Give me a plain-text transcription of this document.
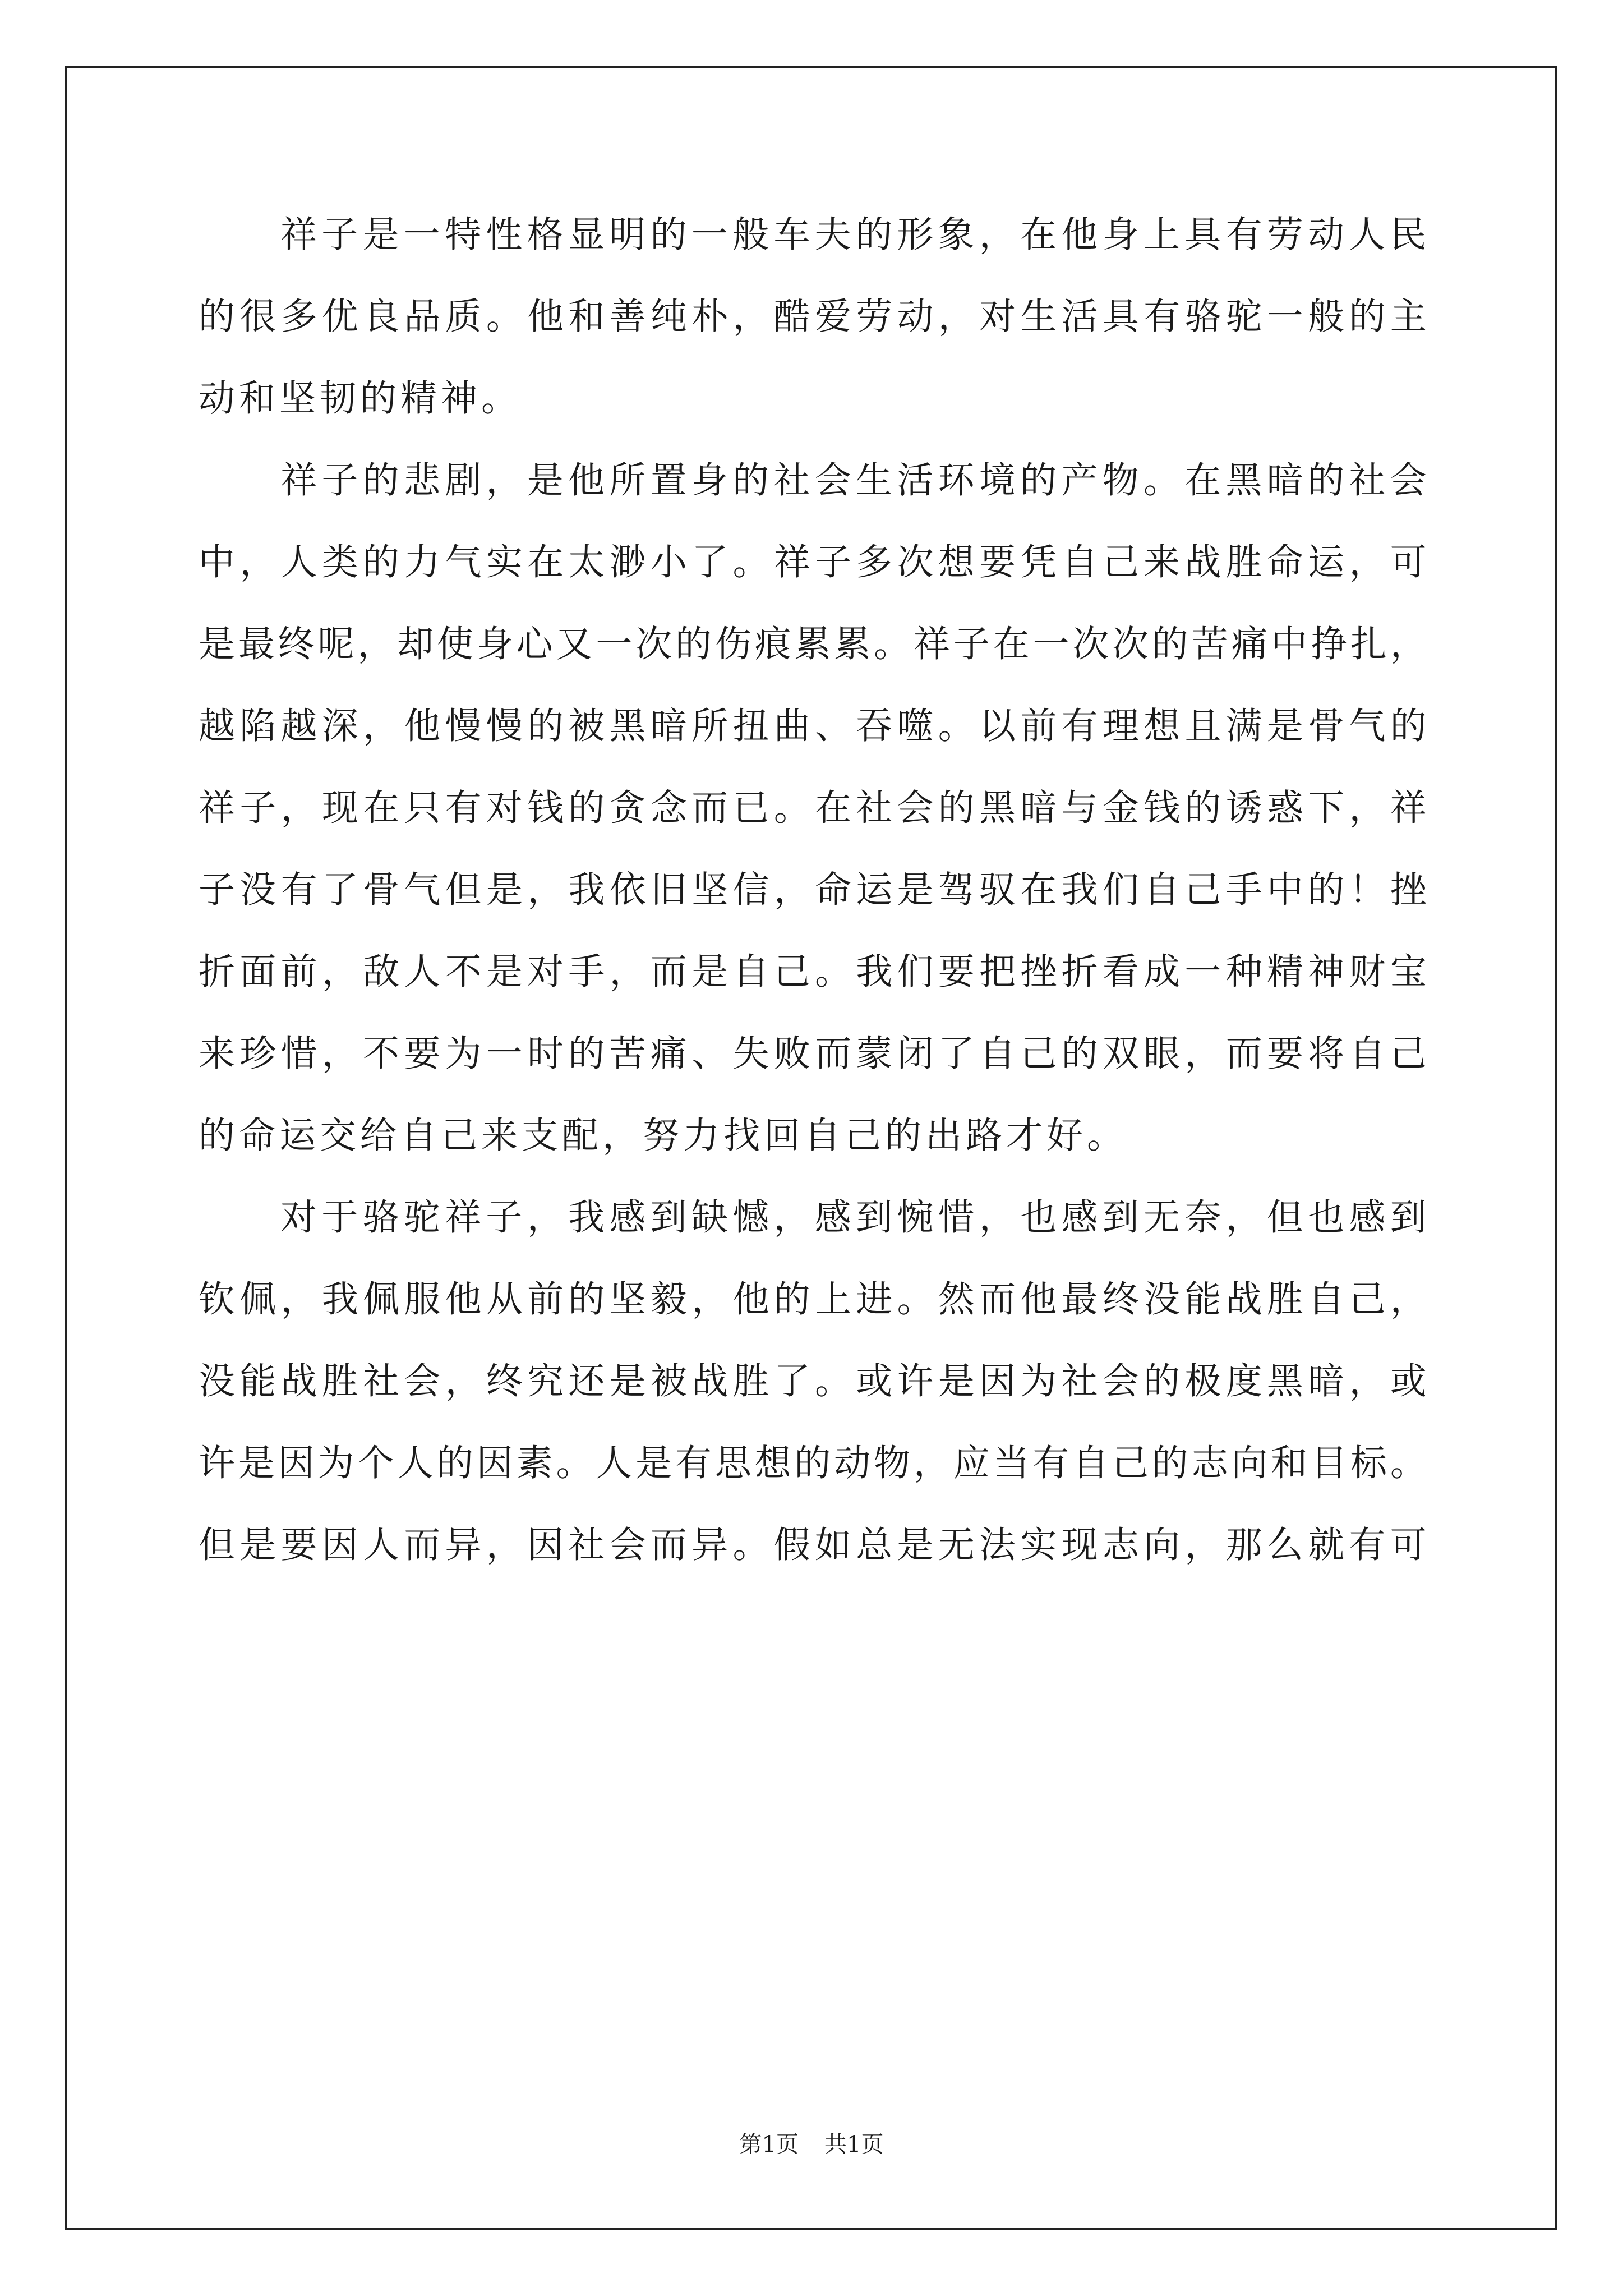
祥 子 是 一 特 性 格 显 明 的 一 般 车 夫 的 形 象 ， 在 他 身 上 具 有 劳 动 人 民
的 很 多 优 良 品 质 。 他 和 善 纯 朴 ， 酷 爱 劳 动 ， 对 生 活 具 有 骆 驼 一 般 的 主
动和坚韧的精神。
祥 子 的 悲 剧 ， 是 他 所 置 身 的 社 会 生 活 环 境 的 产 物 。 在 黑 暗 的 社 会
中 ， 人 类 的 力 气 实 在 太 渺 小 了 。 祥 子 多 次 想 要 凭 自 己 来 战 胜 命 运 ， 可
是 最 终 呢 ， 却 使 身 心 又 一 次 的 伤 痕 累 累 。 祥 子 在 一 次 次 的 苦 痛 中 挣 扎 ，
越 陷 越 深 ， 他 慢 慢 的 被 黑 暗 所 扭 曲 、 吞 噬 。 以 前 有 理 想 且 满 是 骨 气 的
祥 子 ， 现 在 只 有 对 钱 的 贪 念 而 已 。 在 社 会 的 黑 暗 与 金 钱 的 诱 惑 下 ， 祥
子 没 有 了 骨 气 但 是 ， 我 依 旧 坚 信 ， 命 运 是 驾 驭 在 我 们 自 己 手 中 的 ！ 挫
折 面 前 ， 敌 人 不 是 对 手 ， 而 是 自 己 。 我 们 要 把 挫 折 看 成 一 种 精 神 财 宝
来 珍 惜 ， 不 要 为 一 时 的 苦 痛 、 失 败 而 蒙 闭 了 自 己 的 双 眼 ， 而 要 将 自 己
的命运交给自己来支配，努力找回自己的出路才好。
对 于 骆 驼 祥 子 ， 我 感 到 缺 憾 ， 感 到 惋 惜 ， 也 感 到 无 奈 ， 但 也 感 到
钦 佩 ， 我 佩 服 他 从 前 的 坚 毅 ， 他 的 上 进 。 然 而 他 最 终 没 能 战 胜 自 己 ，
没 能 战 胜 社 会 ， 终 究 还 是 被 战 胜 了 。 或 许 是 因 为 社 会 的 极 度 黑 暗 ， 或
许 是 因 为 个 人 的 因 素 。 人 是 有 思 想 的 动 物 ， 应 当 有 自 己 的 志 向 和 目 标 。
但 是 要 因 人 而 异 ， 因 社 会 而 异 。 假 如 总 是 无 法 实 现 志 向 ， 那 么 就 有 可
第1页 共1页
